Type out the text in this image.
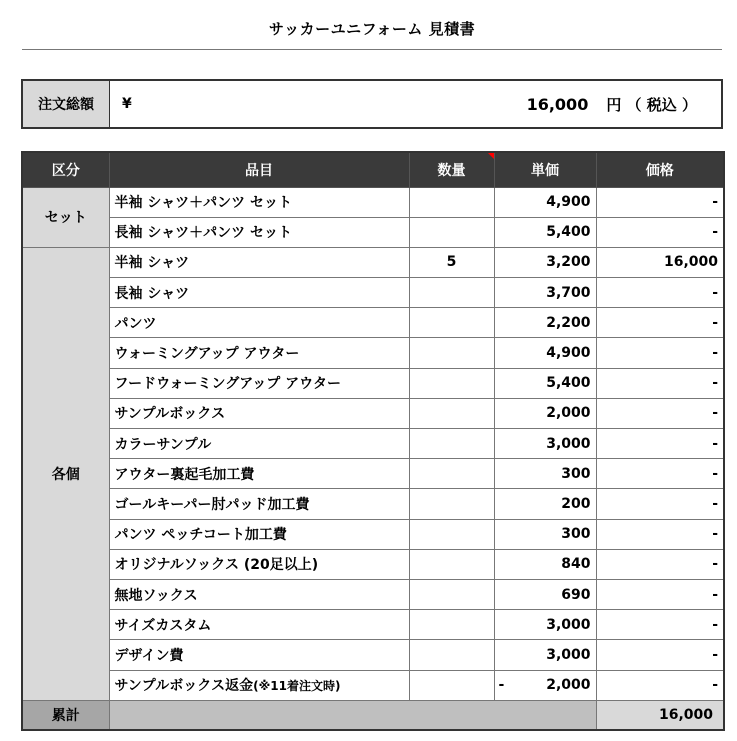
サッカーユニフォーム 見積書
注文総額	¥	16,000	円 （ 税込 ）
区分	品目	数量	単価	価格
セット	半袖 シャツ＋パンツ セット		4,900	-
	長袖 シャツ＋パンツ セット		5,400	-
各個	半袖 シャツ	5	3,200	16,000
	長袖 シャツ		3,700	-
	パンツ		2,200	-
	ウォーミングアップ アウター		4,900	-
	フードウォーミングアップ アウター		5,400	-
	サンプルボックス		2,000	-
	カラーサンプル		3,000	-
	アウター裏起毛加工費		300	-
	ゴールキーパー肘パッド加工費		200	-
	パンツ ペッチコート加工費		300	-
	オリジナルソックス (20足以上)		840	-
	無地ソックス		690	-
	サイズカスタム		3,000	-
	デザイン費		3,000	-
	サンプルボックス返金(※11着注文時)		- 2,000	-
累計				16,000
